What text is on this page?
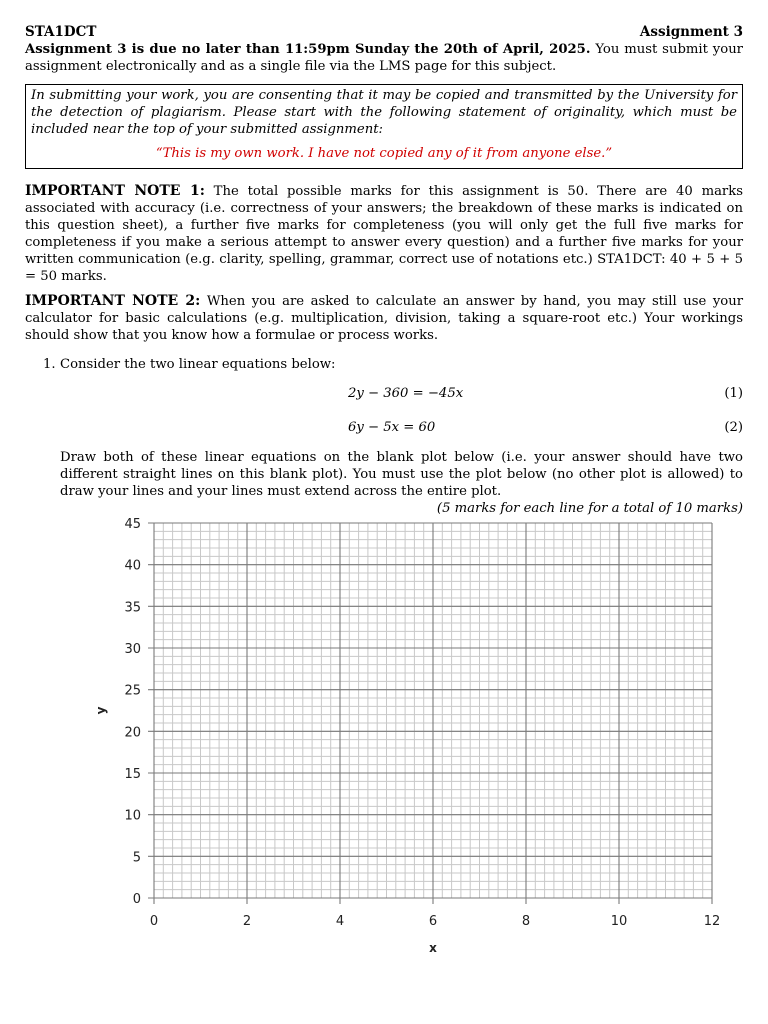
STA1DCT	Assignment 3
Assignment 3 is due no later than 11:59pm Sunday the 20th of April, 2025. You must submit your assignment electronically and as a single file via the LMS page for this subject.
In submitting your work, you are consenting that it may be copied and transmitted by the University for the detection of plagiarism. Please start with the following statement of originality, which must be included near the top of your submitted assignment:
“This is my own work. I have not copied any of it from anyone else.”
IMPORTANT NOTE 1: The total possible marks for this assignment is 50. There are 40 marks associated with accuracy (i.e. correctness of your answers; the breakdown of these marks is indicated on this question sheet), a further five marks for completeness (you will only get the full five marks for completeness if you make a serious attempt to answer every question) and a further five marks for your written communication (e.g. clarity, spelling, grammar, correct use of notations etc.) STA1DCT: 40 + 5 + 5 = 50 marks.
IMPORTANT NOTE 2: When you are asked to calculate an answer by hand, you may still use your calculator for basic calculations (e.g. multiplication, division, taking a square-root etc.) Your workings should show that you know how a formulae or process works.
1. Consider the two linear equations below:
2y − 360 = −45x	(1)
6y − 5x = 60	(2)
Draw both of these linear equations on the blank plot below (i.e. your answer should have two different straight lines on this blank plot). You must use the plot below (no other plot is allowed) to draw your lines and your lines must extend across the entire plot.
(5 marks for each line for a total of 10 marks)
0	2	4	6	8	10	12
0
5
10
15
20
25
30
35
40
45
x
y
